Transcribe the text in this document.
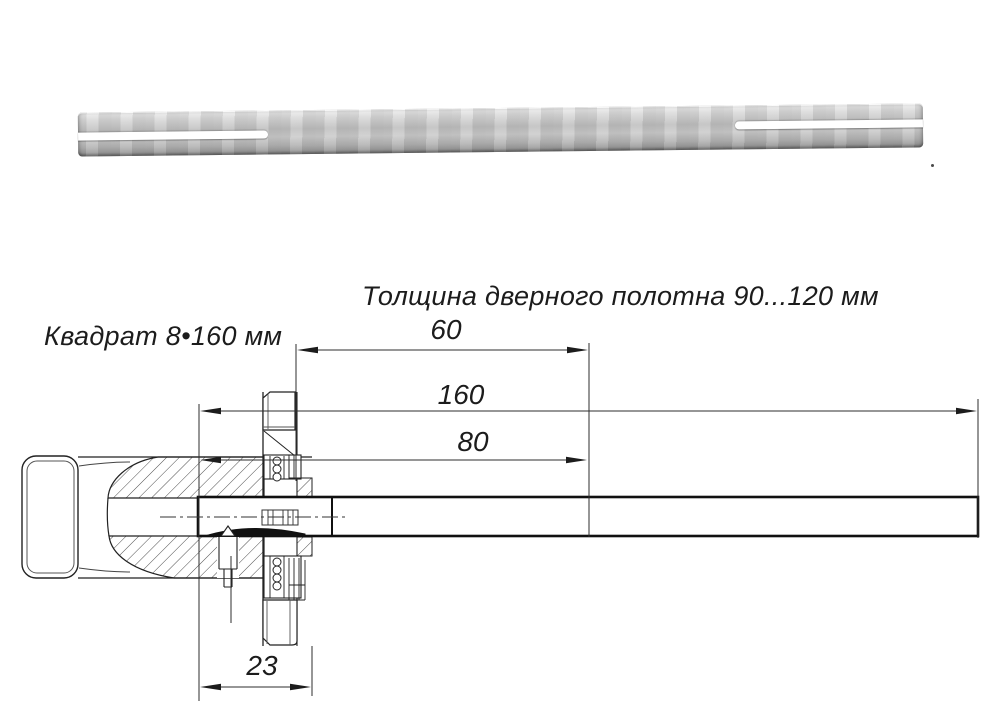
Толщина дверного полотна 90...120 мм
Квадрат 8•160 мм	60
160
80
23
